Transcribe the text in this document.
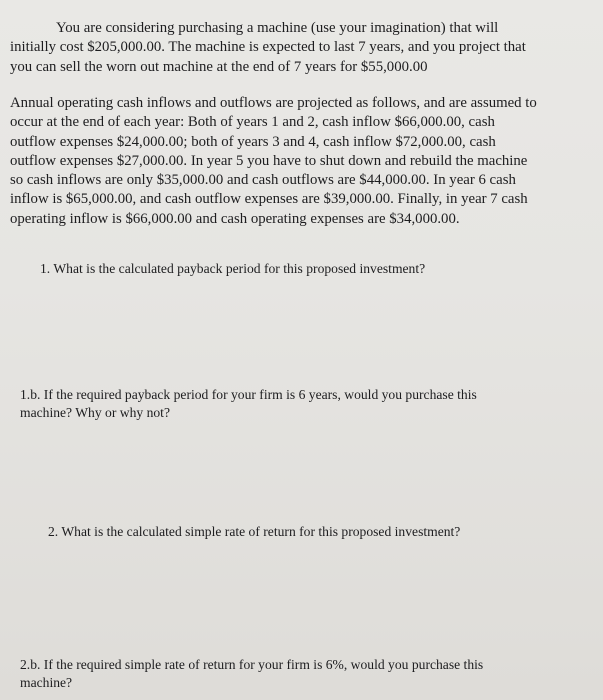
You are considering purchasing a machine (use your imagination) that will
initially cost $205,000.00. The machine is expected to last 7 years, and you project that
you can sell the worn out machine at the end of 7 years for $55,000.00

Annual operating cash inflows and outflows are projected as follows, and are assumed to
occur at the end of each year: Both of years 1 and 2, cash inflow $66,000.00, cash
outflow expenses $24,000.00; both of years 3 and 4, cash inflow $72,000.00, cash
outflow expenses $27,000.00. In year 5 you have to shut down and rebuild the machine
so cash inflows are only $35,000.00 and cash outflows are $44,000.00. In year 6 cash
inflow is $65,000.00, and cash outflow expenses are $39,000.00. Finally, in year 7 cash
operating inflow is $66,000.00 and cash operating expenses are $34,000.00.

1. What is the calculated payback period for this proposed investment?

1.b. If the required payback period for your firm is 6 years, would you purchase this
machine? Why or why not?

2. What is the calculated simple rate of return for this proposed investment?

2.b. If the required simple rate of return for your firm is 6%, would you purchase this
machine?
